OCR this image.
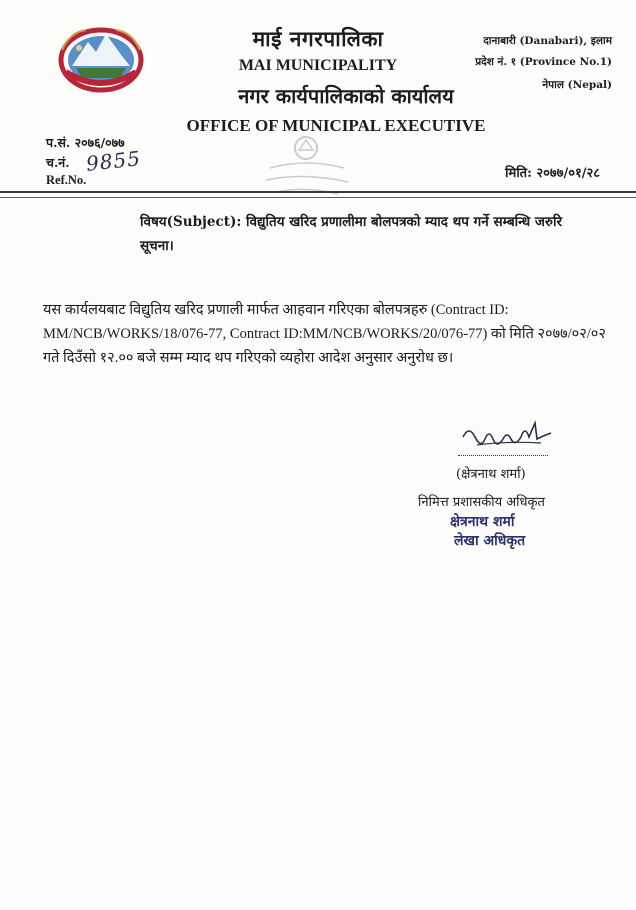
माई नगरपालिका
MAI MUNICIPALITY
नगर कार्यपालिकाको कार्यालय
OFFICE OF MUNICIPAL EXECUTIVE
दानाबारी (Danabari), इलाम
प्रदेश नं. १ (Province No.1)
नेपाल (Nepal)
प.सं. २०७६/०७७
च.नं. 9855
Ref.No.	मिति: २०७७/०१/२८
विषय(Subject): विद्युतिय खरिद प्रणालीमा बोलपत्रको म्याद थप गर्ने सम्बन्धि जरुरि सूचना।
यस कार्यलयबाट विद्युतिय खरिद प्रणाली मार्फत आहवान गरिएका बोलपत्रहरु (Contract ID: MM/NCB/WORKS/18/076-77, Contract ID:MM/NCB/WORKS/20/076-77) को मिति २०७७/०२/०२ गते दिउँसो १२.०० बजे सम्म म्याद थप गरिएको व्यहोरा आदेश अनुसार अनुरोध छ।
(क्षेत्रनाथ शर्मा)
निमित्त प्रशासकीय अधिकृत
क्षेत्रनाथ शर्मा
लेखा अधिकृत
